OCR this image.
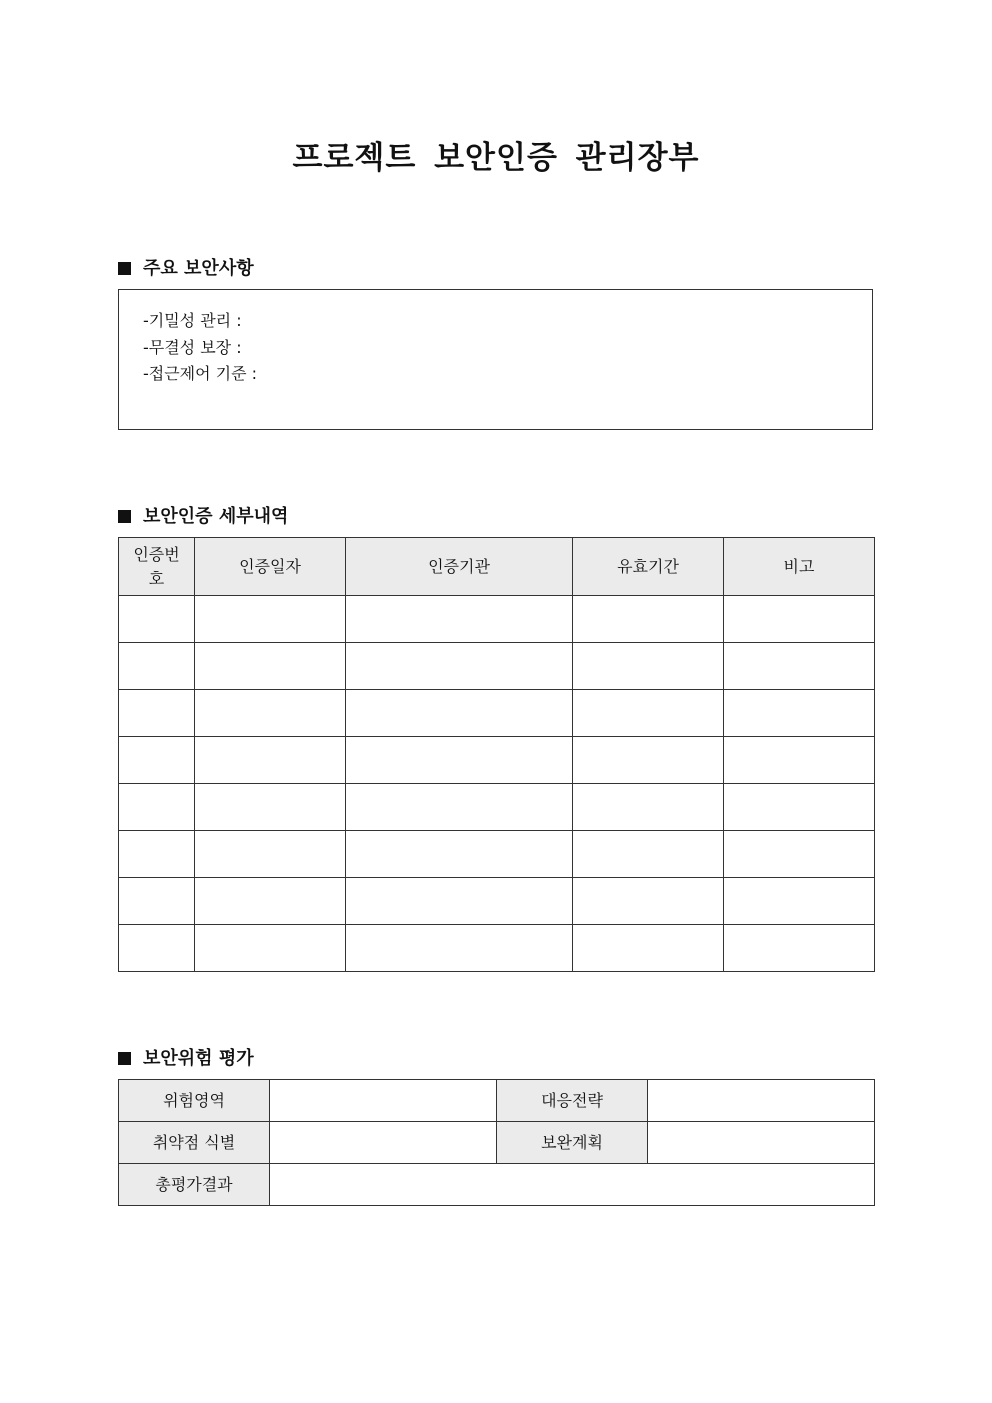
프로젝트 보안인증 관리장부
주요 보안사항
-기밀성 관리 :
-무결성 보장 :
-접근제어 기준 :
보안인증 세부내역
인증번호	인증일자	인증기관	유효기간	비고

보안위험 평가
위험영역		대응전략	
취약점 식별		보완계획	
총평가결과			
